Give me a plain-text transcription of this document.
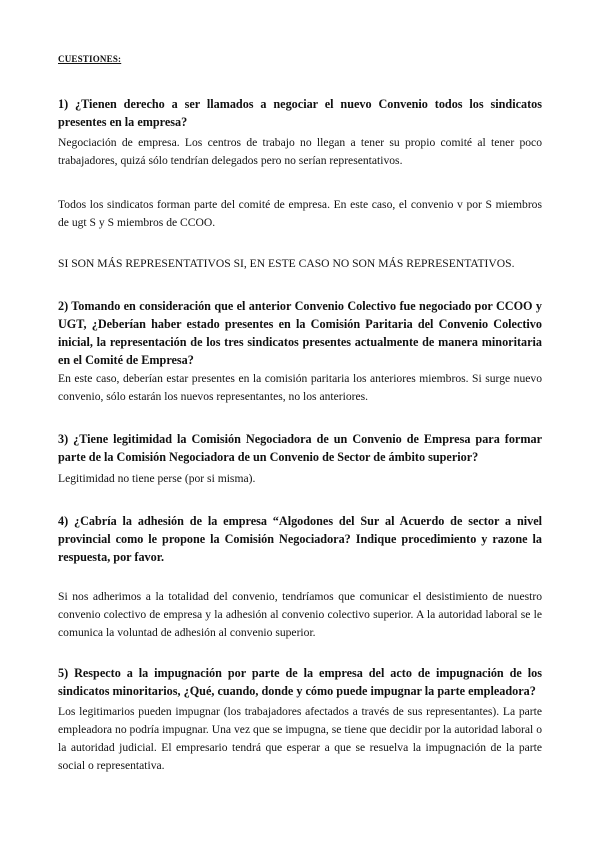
CUESTIONES:

1) ¿Tienen derecho a ser llamados a negociar el nuevo Convenio todos los sindicatos presentes en la empresa?

Negociación de empresa. Los centros de trabajo no llegan a tener su propio comité al tener poco trabajadores, quizá sólo tendrían delegados pero no serían representativos.

Todos los sindicatos forman parte del comité de empresa. En este caso, el convenio v por S miembros de ugt S y S miembros de CCOO.

SI SON MÁS REPRESENTATIVOS SI, EN ESTE CASO NO SON MÁS REPRESENTATIVOS.

2) Tomando en consideración que el anterior Convenio Colectivo fue negociado por CCOO y UGT, ¿Deberían haber estado presentes en la Comisión Paritaria del Convenio Colectivo inicial, la representación de los tres sindicatos presentes actualmente de manera minoritaria en el Comité de Empresa?

En este caso, deberían estar presentes en la comisión paritaria los anteriores miembros. Si surge nuevo convenio, sólo estarán los nuevos representantes, no los anteriores.

3) ¿Tiene legitimidad la Comisión Negociadora de un Convenio de Empresa para formar parte de la Comisión Negociadora de un Convenio de Sector de ámbito superior?

Legitimidad no tiene perse (por si misma).

4) ¿Cabría la adhesión de la empresa “Algodones del Sur al Acuerdo de sector a nivel provincial como le propone la Comisión Negociadora? Indique procedimiento y razone la respuesta, por favor.

Si nos adherimos a la totalidad del convenio, tendríamos que comunicar el desistimiento de nuestro convenio colectivo de empresa y la adhesión al convenio colectivo superior. A la autoridad laboral se le comunica la voluntad de adhesión al convenio superior.

5) Respecto a la impugnación por parte de la empresa del acto de impugnación de los sindicatos minoritarios, ¿Qué, cuando, donde y cómo puede impugnar la parte empleadora?

Los legitimarios pueden impugnar (los trabajadores afectados a través de sus representantes). La parte empleadora no podría impugnar. Una vez que se impugna, se tiene que decidir por la autoridad laboral o la autoridad judicial. El empresario tendrá que esperar a que se resuelva la impugnación de la parte social o representativa.
